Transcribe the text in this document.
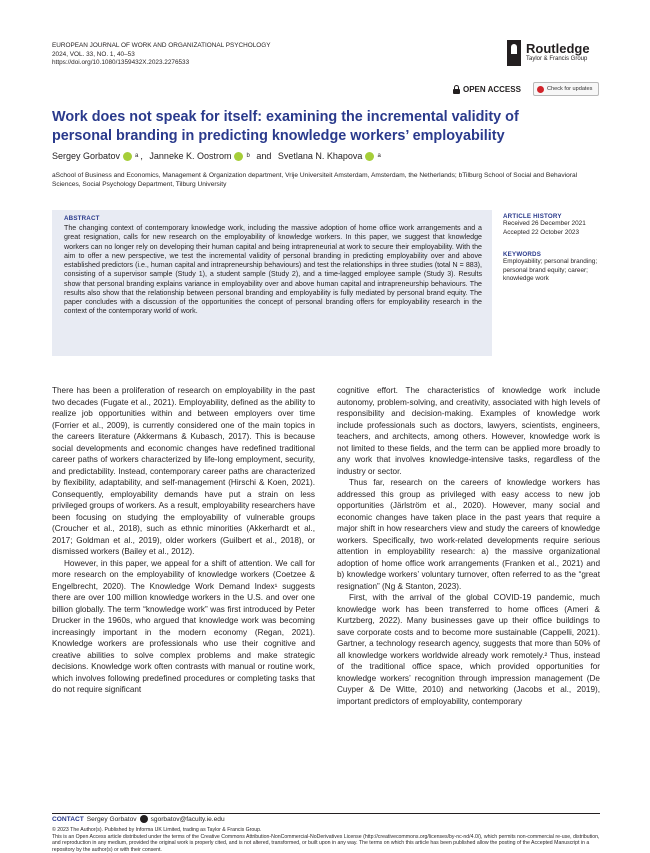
EUROPEAN JOURNAL OF WORK AND ORGANIZATIONAL PSYCHOLOGY
2024, VOL. 33, NO. 1, 40–53
https://doi.org/10.1080/1359432X.2023.2276533
Routledge
Taylor & Francis Group
OPEN ACCESS	Check for updates
Work does not speak for itself: examining the incremental validity of personal branding in predicting knowledge workers’ employability
Sergey Gorbatov	a ,
Janneke K. Oostrom	b
and
Svetlana N. Khapova	a
aSchool of Business and Economics, Management & Organization department, Vrije Universiteit Amsterdam, Amsterdam, the Netherlands; bTilburg School of Social and Behavioral Sciences, Social Psychology Department, Tilburg University
ABSTRACT
The changing context of contemporary knowledge work, including the massive adoption of home office work arrangements and a great resignation, calls for new research on the employability of knowledge workers. In this paper, we suggest that knowledge workers can no longer rely on developing their human capital and being intrapreneurial at work to secure their employability. With the aim to offer a new perspective, we test the incremental validity of personal branding in predicting employability over and above established predictors (i.e., human capital and intrapreneurship behaviours) and test the relationships in three studies (total N = 883), consisting of a supervisor sample (Study 1), a student sample (Study 2), and a time-lagged employee sample (Study 3). Results show that personal branding explains variance in employability over and above human capital and intrapreneurship behaviours. The results also show that the relationship between personal branding and employability is fully mediated by personal brand equity. The paper concludes with a discussion of the opportunities the concept of personal branding offers for employability research in the context of the contemporary world of work.
ARTICLE HISTORY
Received 26 December 2021
Accepted 22 October 2023
KEYWORDS
Employability; personal branding; personal brand equity; career; knowledge work

There has been a proliferation of research on employability in the past two decades (Fugate et al., 2021). Employability, defined as the ability to realize job opportunities within and between employers over time (Forrier et al., 2009), is currently considered one of the main topics in the careers literature (Akkermans & Kubasch, 2017). This is because social developments and economic changes have redefined traditional career paths of workers characterized by life-long employment, security, and predictability. Instead, contemporary career paths are characterized by flexibility, adaptability, and self-management (Hirschi & Koen, 2021). Consequently, employability demands have put a strain on less privileged groups of workers. As a result, employability researchers have been focusing on studying the employability of vulnerable groups (Croucher et al., 2018), such as ethnic minorities (Akkerhardt et al., 2017; Goldman et al., 2019), older workers (Guilbert et al., 2018), or dismissed workers (Bailey et al., 2012).

However, in this paper, we appeal for a shift of attention. We call for more research on the employability of knowledge workers (Coetzee & Engelbrecht, 2020). The Knowledge Work Demand Index¹ suggests there are over 100 million knowledge workers in the U.S. and over one billion globally. The term “knowledge work” was first introduced by Peter Drucker in the 1960s, who argued that knowledge work was becoming increasingly important in the modern economy (Regan, 2021). Knowledge workers are professionals who use their cognitive and creative abilities to solve complex problems and make strategic decisions. Knowledge work often contrasts with manual or routine work, which involves following predefined procedures or completing tasks that do not require significant

cognitive effort. The characteristics of knowledge work include autonomy, problem-solving, and creativity, associated with high levels of responsibility and decision-making. Examples of knowledge work include professionals such as doctors, lawyers, scientists, engineers, teachers, and architects, among others. However, knowledge work is not limited to these fields, and the term can be applied more broadly to any work that involves knowledge-intensive tasks, regardless of the industry or sector.

Thus far, research on the careers of knowledge workers has addressed this group as privileged with easy access to new job opportunities (Järlström et al., 2020). However, many social and economic changes have taken place in the past years that require a major shift in how researchers view and study the careers of knowledge workers. Specifically, two work-related developments require serious attention in employability research: a) the massive organizational adoption of home office work arrangements (Franken et al., 2021) and b) knowledge workers’ voluntary turnover, often referred to as the “great resignation” (Ng & Stanton, 2023).

First, with the arrival of the global COVID-19 pandemic, much knowledge work has been transferred to home offices (Ameri & Kurtzberg, 2022). Many businesses gave up their office buildings to save corporate costs and to become more sustainable (Cappelli, 2021). Gartner, a technology research agency, suggests that more than 50% of all knowledge workers worldwide already work remotely.² Thus, instead of the traditional office space, which provided opportunities for knowledge workers’ recognition through impression management (De Cuyper & De Witte, 2010) and networking (Jacobs et al., 2019), important predictors of employability, contemporary

CONTACT Sergey Gorbatov sgorbatov@faculty.ie.edu
© 2023 The Author(s). Published by Informa UK Limited, trading as Taylor & Francis Group.
This is an Open Access article distributed under the terms of the Creative Commons Attribution-NonCommercial-NoDerivatives License (http://creativecommons.org/licenses/by-nc-nd/4.0/), which permits non-commercial re-use, distribution, and reproduction in any medium, provided the original work is properly cited, and is not altered, transformed, or built upon in any way. The terms on which this article has been published allow the posting of the Accepted Manuscript in a repository by the author(s) or with their consent.
